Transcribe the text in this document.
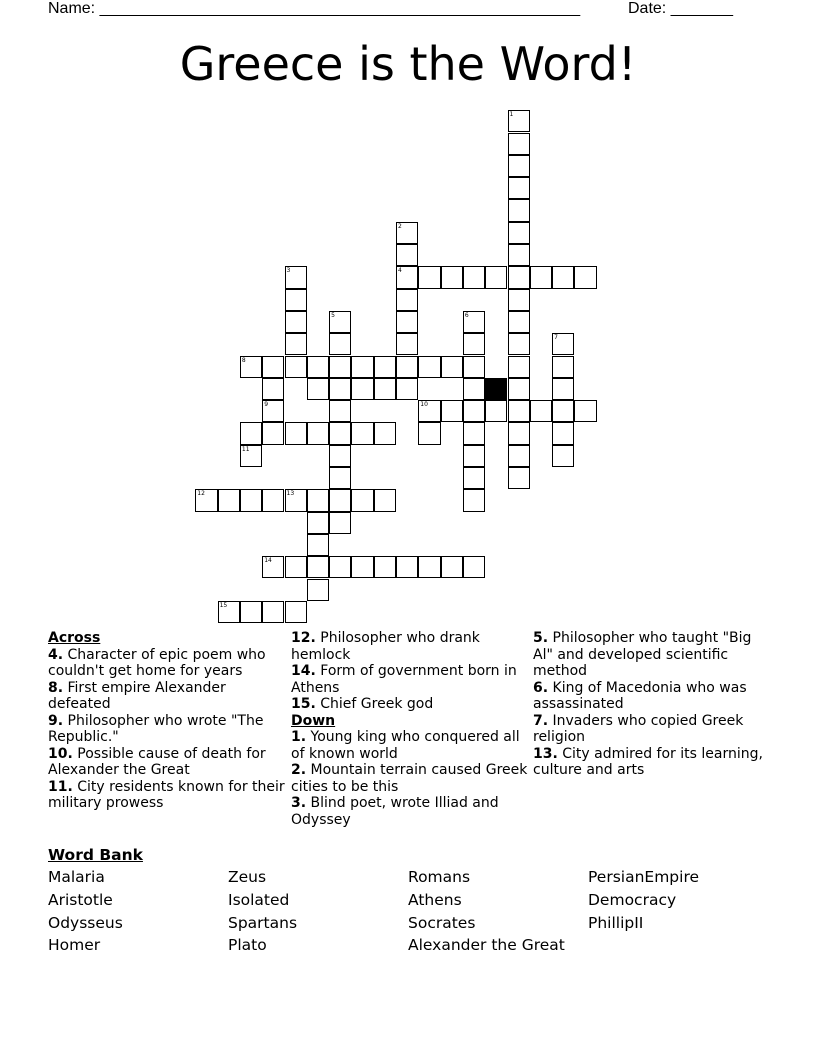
Name: ______________________________________________________	Date: _______
Greece is the Word!
1
2
4
3
5	6
7
8
12	13
14
15
9	10
11
Across
4. Character of epic poem who couldn't get home for years
8. First empire Alexander defeated
9. Philosopher who wrote "The Republic."
10. Possible cause of death for Alexander the Great
11. City residents known for their military prowess
12. Philosopher who drank hemlock
14. Form of government born in Athens
15. Chief Greek god
Down
1. Young king who conquered all of known world
2. Mountain terrain caused Greek cities to be this
3. Blind poet, wrote Illiad and Odyssey
5. Philosopher who taught "Big Al" and developed scientific method
6. King of Macedonia who was assassinated
7. Invaders who copied Greek religion
13. City admired for its learning, culture and arts
Word Bank
Malaria	Zeus	Romans	PersianEmpire
Aristotle	Isolated	Athens	Democracy
Odysseus	Spartans	Socrates	PhillipII
Homer	Plato	Alexander the Great
